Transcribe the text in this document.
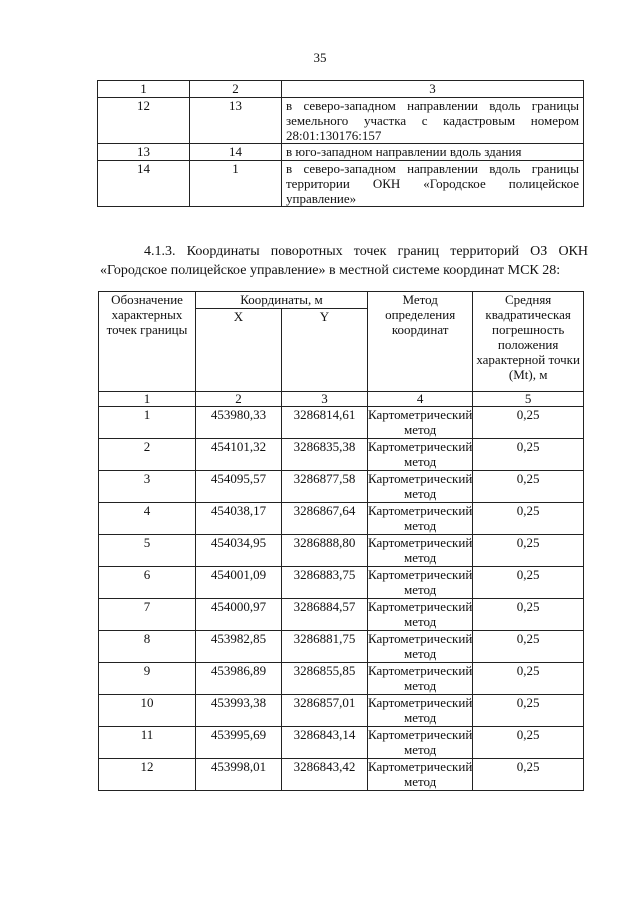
35
1	2	3
12	13	в северо-западном направлении вдоль границы земельного участка с кадастровым номером 28:01:130176:157
13	14	в юго-западном направлении вдоль здания
14	1	в северо-западном направлении вдоль границы территории ОКН «Городское полицейское управление»

4.1.3. Координаты поворотных точек границ территорий ОЗ ОКН «Городское полицейское управление» в местной системе координат МСК 28:

Обозначение характерных точек границы	Координаты, м		Метод определения координат	Средняя квадратическая погрешность положения характерной точки (Mt), м
	X	Y		
1	2	3	4	5
1	453980,33	3286814,61	Картометрический метод	0,25
2	454101,32	3286835,38	Картометрический метод	0,25
3	454095,57	3286877,58	Картометрический метод	0,25
4	454038,17	3286867,64	Картометрический метод	0,25
5	454034,95	3286888,80	Картометрический метод	0,25
6	454001,09	3286883,75	Картометрический метод	0,25
7	454000,97	3286884,57	Картометрический метод	0,25
8	453982,85	3286881,75	Картометрический метод	0,25
9	453986,89	3286855,85	Картометрический метод	0,25
10	453993,38	3286857,01	Картометрический метод	0,25
11	453995,69	3286843,14	Картометрический метод	0,25
12	453998,01	3286843,42	Картометрический метод	0,25
